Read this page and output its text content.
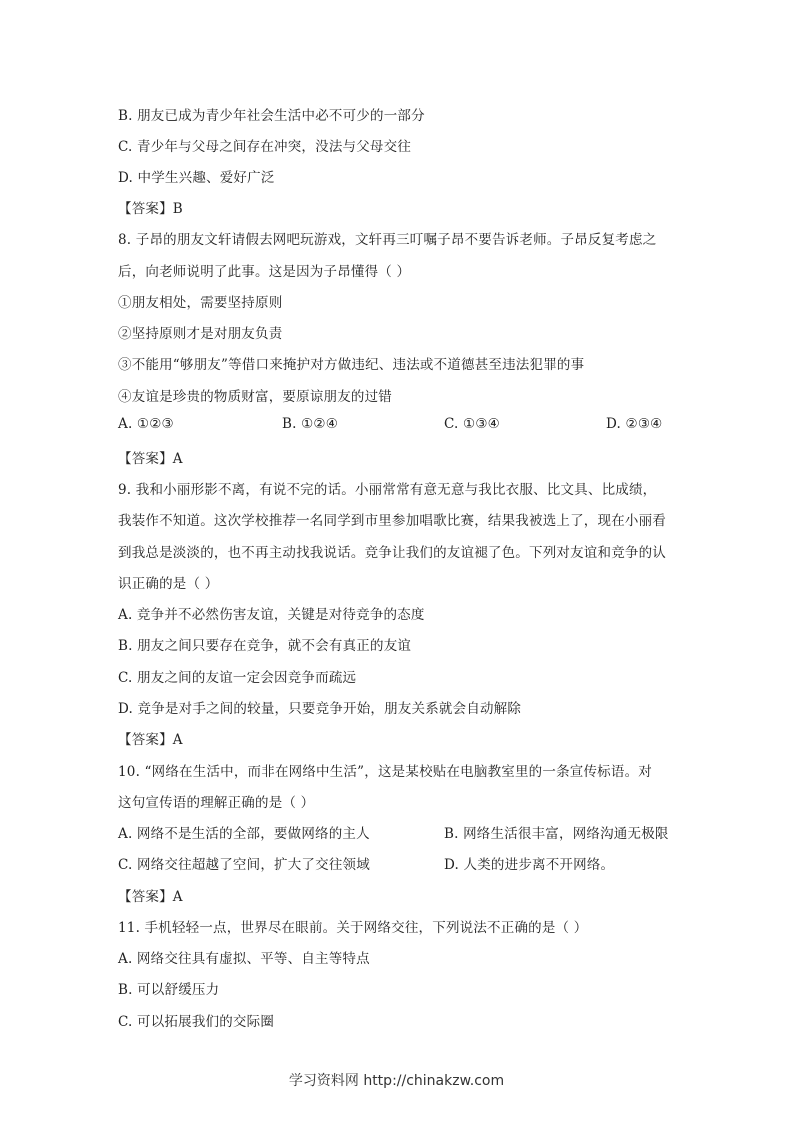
B. 朋友已成为青少年社会生活中必不可少的一部分
C. 青少年与父母之间存在冲突，没法与父母交往
D. 中学生兴趣、爱好广泛
【答案】B
8. 子昂的朋友文轩请假去网吧玩游戏，文轩再三叮嘱子昂不要告诉老师。子昂反复考虑之
后，向老师说明了此事。这是因为子昂懂得（ ）
①朋友相处，需要坚持原则
②坚持原则才是对朋友负责
③不能用“够朋友”等借口来掩护对方做违纪、违法或不道德甚至违法犯罪的事
④友谊是珍贵的物质财富，要原谅朋友的过错
A. ①②③	B. ①②④	C. ①③④	D. ②③④
【答案】A
9. 我和小丽形影不离，有说不完的话。小丽常常有意无意与我比衣服、比文具、比成绩，
我装作不知道。这次学校推荐一名同学到市里参加唱歌比赛，结果我被选上了，现在小丽看
到我总是淡淡的，也不再主动找我说话。竞争让我们的友谊褪了色。下列对友谊和竞争的认
识正确的是（ ）
A. 竞争并不必然伤害友谊，关键是对待竞争的态度
B. 朋友之间只要存在竞争，就不会有真正的友谊
C. 朋友之间的友谊一定会因竞争而疏远
D. 竞争是对手之间的较量，只要竞争开始，朋友关系就会自动解除
【答案】A
10. “网络在生活中，而非在网络中生活”，这是某校贴在电脑教室里的一条宣传标语。对
这句宣传语的理解正确的是（ ）
A. 网络不是生活的全部，要做网络的主人	B. 网络生活很丰富，网络沟通无极限
C. 网络交往超越了空间，扩大了交往领域	D. 人类的进步离不开网络。
【答案】A
11. 手机轻轻一点，世界尽在眼前。关于网络交往，下列说法不正确的是（ ）
A. 网络交往具有虚拟、平等、自主等特点
B. 可以舒缓压力
C. 可以拓展我们的交际圈
学习资料网 http://chinakzw.com
